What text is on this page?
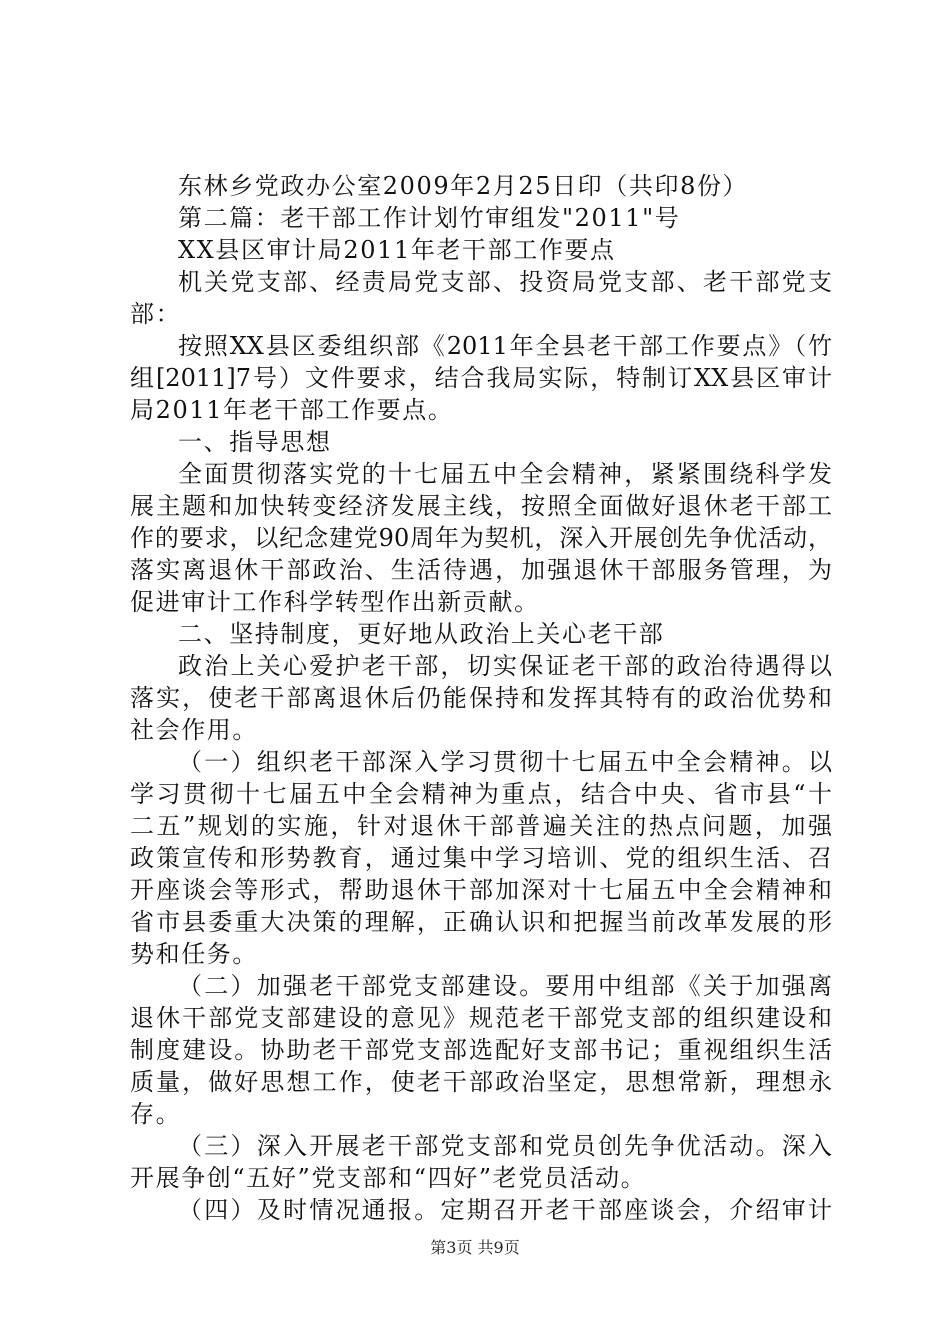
东林乡党政办公室2009年2月25日印（共印8份）
第二篇：老干部工作计划竹审组发"2011"号
XX县区审计局2011年老干部工作要点
机关党支部、经责局党支部、投资局党支部、老干部党支
部：
按照XX县区委组织部《2011年全县老干部工作要点》（竹
组[2011]7号）文件要求，结合我局实际，特制订XX县区审计
局2011年老干部工作要点。
一、指导思想
全面贯彻落实党的十七届五中全会精神，紧紧围绕科学发
展主题和加快转变经济发展主线，按照全面做好退休老干部工
作的要求，以纪念建党90周年为契机，深入开展创先争优活动，
落实离退休干部政治、生活待遇，加强退休干部服务管理，为
促进审计工作科学转型作出新贡献。
二、坚持制度，更好地从政治上关心老干部
政治上关心爱护老干部，切实保证老干部的政治待遇得以
落实，使老干部离退休后仍能保持和发挥其特有的政治优势和
社会作用。
（一）组织老干部深入学习贯彻十七届五中全会精神。以
学习贯彻十七届五中全会精神为重点，结合中央、省市县“十
二五”规划的实施，针对退休干部普遍关注的热点问题，加强
政策宣传和形势教育，通过集中学习培训、党的组织生活、召
开座谈会等形式，帮助退休干部加深对十七届五中全会精神和
省市县委重大决策的理解，正确认识和把握当前改革发展的形
势和任务。
（二）加强老干部党支部建设。要用中组部《关于加强离
退休干部党支部建设的意见》规范老干部党支部的组织建设和
制度建设。协助老干部党支部选配好支部书记；重视组织生活
质量，做好思想工作，使老干部政治坚定，思想常新，理想永
存。
（三）深入开展老干部党支部和党员创先争优活动。深入
开展争创“五好”党支部和“四好”老党员活动。
（四）及时情况通报。定期召开老干部座谈会，介绍审计
第3页 共9页
